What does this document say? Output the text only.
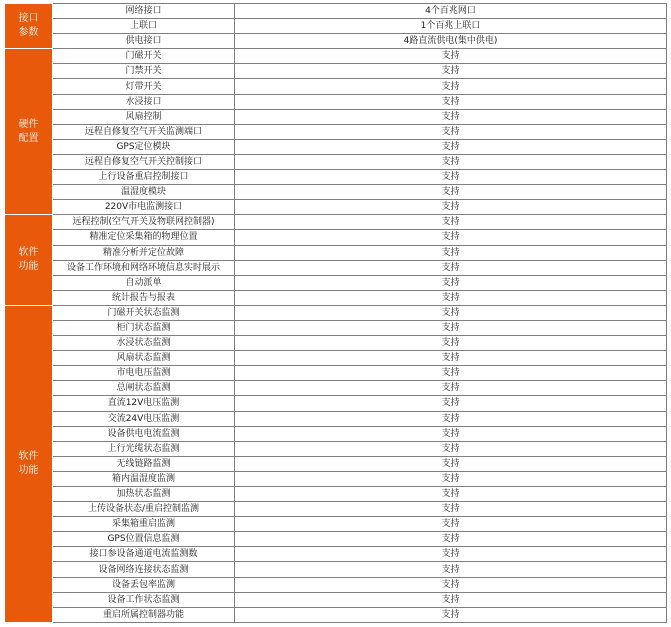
接口
参数	网络接口	4个百兆网口
	上联口	1个百兆上联口
	供电接口	4路直流供电(集中供电)
硬件
配置	门磁开关	支持
	门禁开关	支持
	灯带开关	支持
	水浸接口	支持
	风扇控制	支持
	远程自修复空气开关监测端口	支持
	GPS定位模块	支持
	远程自修复空气开关控制接口	支持
	上行设备重启控制接口	支持
	温湿度模块	支持
	220V市电监测接口	支持
软件
功能	远程控制(空气开关及物联网控制器)	支持
	精准定位采集箱的物理位置	支持
	精准分析并定位故障	支持
	设备工作环境和网络环境信息实时展示	支持
	自动派单	支持
	统计报告与报表	支持
软件
功能	门磁开关状态监测	支持
	柜门状态监测	支持
	水浸状态监测	支持
	风扇状态监测	支持
	市电电压监测	支持
	总闸状态监测	支持
	直流12V电压监测	支持
	交流24V电压监测	支持
	设备供电电流监测	支持
	上行光缆状态监测	支持
	无线链路监测	支持
	箱内温湿度监测	支持
	加热状态监测	支持
	上传设备状态/重启控制监测	支持
	采集箱重启监测	支持
	GPS位置信息监测	支持
	接口参设备通道电流监测数	支持
	设备网络连接状态监测	支持
	设备丢包率监测	支持
	设备工作状态监测	支持
	重启所属控制器功能	支持
